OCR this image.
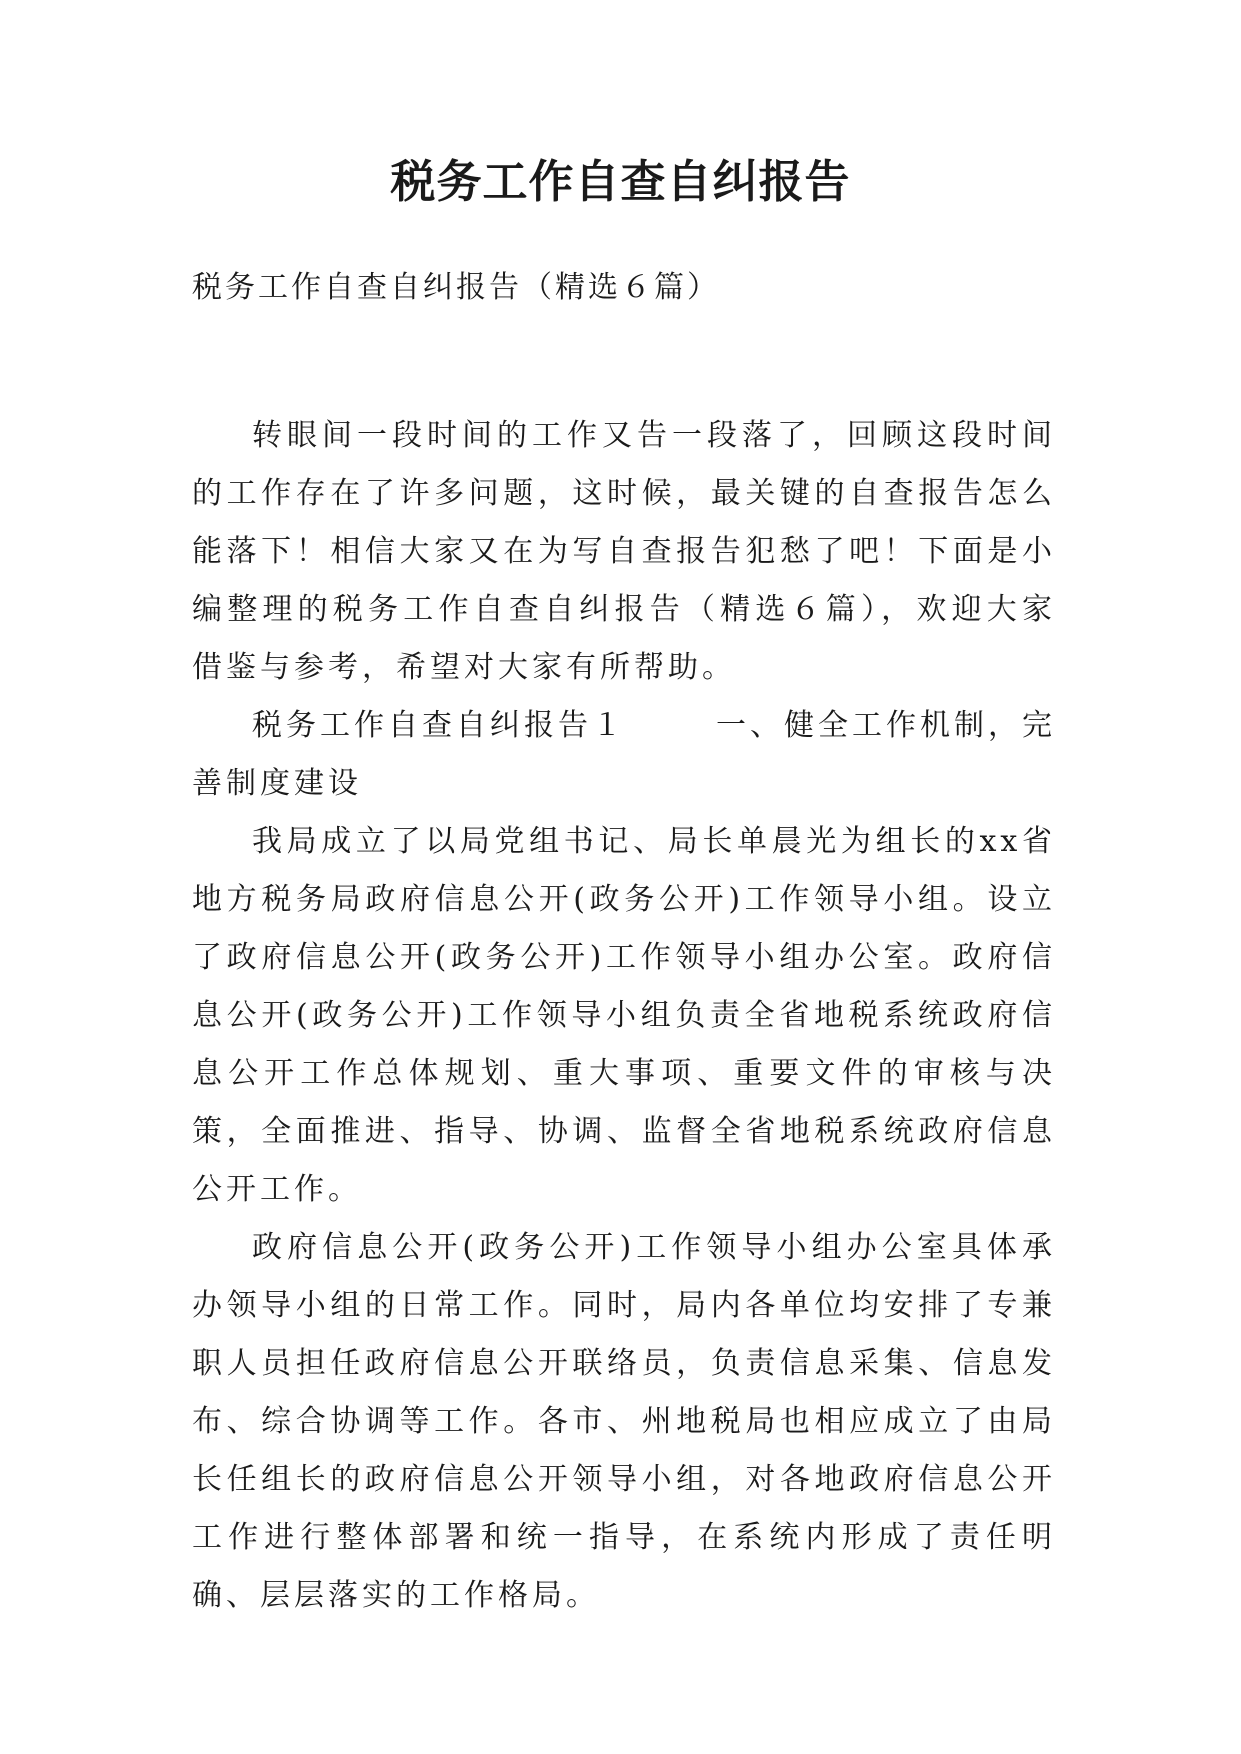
税务工作自查自纠报告
税务工作自查自纠报告（精选６篇）

转眼间一段时间的工作又告一段落了，回顾这段时间的工作存在了许多问题，这时候，最关键的自查报告怎么能落下！相信大家又在为写自查报告犯愁了吧！下面是小编整理的税务工作自查自纠报告（精选６篇），欢迎大家借鉴与参考，希望对大家有所帮助。

税务工作自查自纠报告１	一、健全工作机制，完善制度建设

我局成立了以局党组书记、局长单晨光为组长的xx省地方税务局政府信息公开(政务公开)工作领导小组。设立了政府信息公开(政务公开)工作领导小组办公室。政府信息公开(政务公开)工作领导小组负责全省地税系统政府信息公开工作总体规划、重大事项、重要文件的审核与决策，全面推进、指导、协调、监督全省地税系统政府信息公开工作。

政府信息公开(政务公开)工作领导小组办公室具体承办领导小组的日常工作。同时，局内各单位均安排了专兼职人员担任政府信息公开联络员，负责信息采集、信息发布、综合协调等工作。各市、州地税局也相应成立了由局长任组长的政府信息公开领导小组，对各地政府信息公开工作进行整体部署和统一指导，在系统内形成了责任明确、层层落实的工作格局。
